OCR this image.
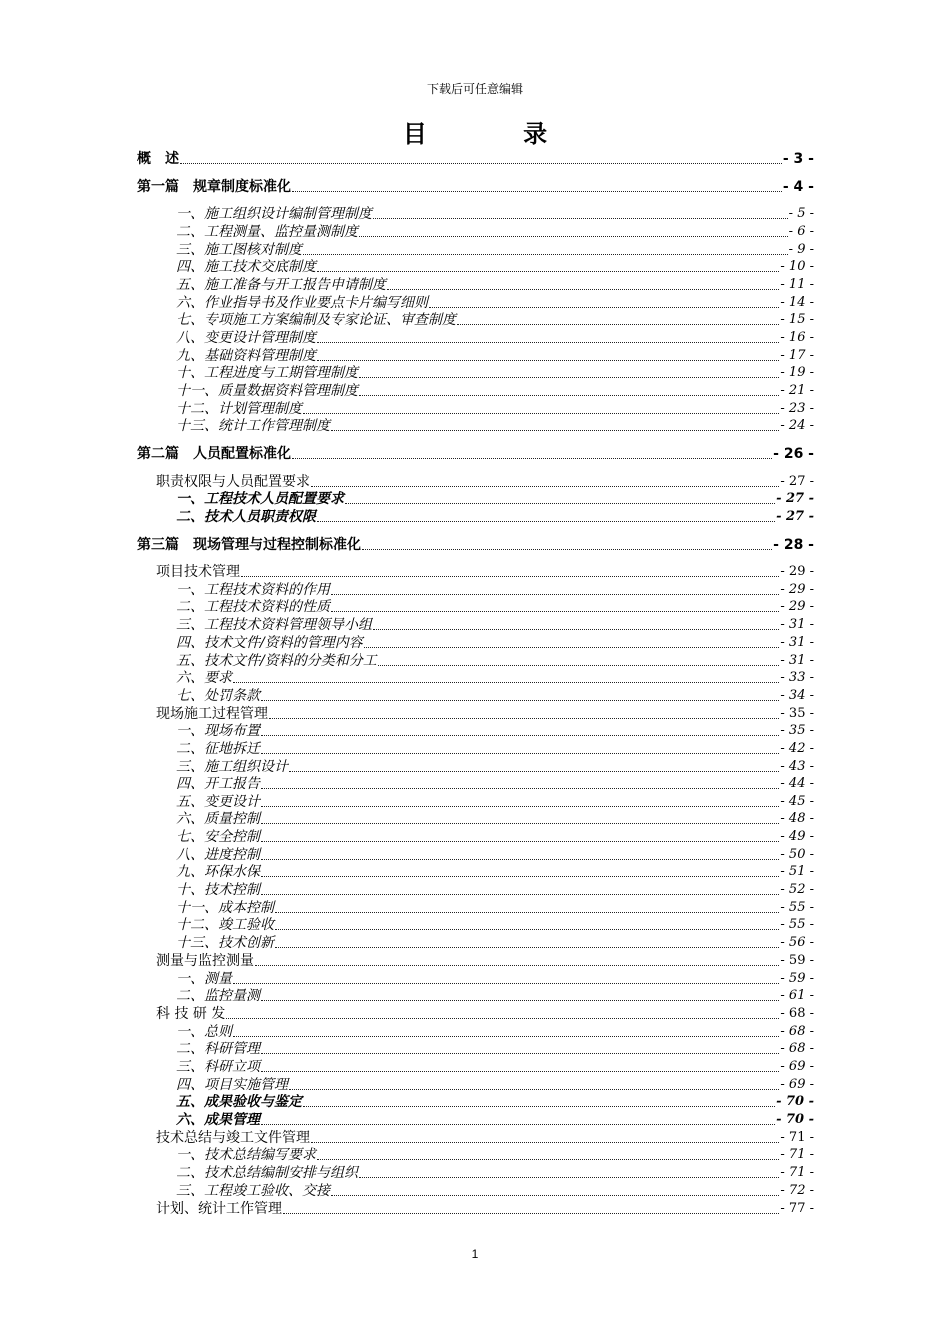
下载后可任意编辑
目 录
概　述	- 3 -
第一篇　规章制度标准化	- 4 -
一、施工组织设计编制管理制度	- 5 -
二、工程测量、监控量测制度	- 6 -
三、施工图核对制度	- 9 -
四、施工技术交底制度	- 10 -
五、施工准备与开工报告申请制度	- 11 -
六、作业指导书及作业要点卡片编写细则	- 14 -
七、专项施工方案编制及专家论证、审查制度	- 15 -
八、变更设计管理制度	- 16 -
九、基础资料管理制度	- 17 -
十、工程进度与工期管理制度	- 19 -
十一、质量数据资料管理制度	- 21 -
十二、计划管理制度	- 23 -
十三、统计工作管理制度	- 24 -
第二篇　人员配置标准化	- 26 -
职责权限与人员配置要求	- 27 -
一、工程技术人员配置要求	- 27 -
二、技术人员职责权限	- 27 -
第三篇　现场管理与过程控制标准化	- 28 -
项目技术管理	- 29 -
一、工程技术资料的作用	- 29 -
二、工程技术资料的性质	- 29 -
三、工程技术资料管理领导小组	- 31 -
四、技术文件/资料的管理内容	- 31 -
五、技术文件/资料的分类和分工	- 31 -
六、要求	- 33 -
七、处罚条款	- 34 -
现场施工过程管理	- 35 -
一、现场布置	- 35 -
二、征地拆迁	- 42 -
三、施工组织设计	- 43 -
四、开工报告	- 44 -
五、变更设计	- 45 -
六、质量控制	- 48 -
七、安全控制	- 49 -
八、进度控制	- 50 -
九、环保水保	- 51 -
十、技术控制	- 52 -
十一、成本控制	- 55 -
十二、竣工验收	- 55 -
十三、技术创新	- 56 -
测量与监控测量	- 59 -
一、测量	- 59 -
二、监控量测	- 61 -
科 技 研 发	- 68 -
一、总则	- 68 -
二、科研管理	- 68 -
三、科研立项	- 69 -
四、项目实施管理	- 69 -
五、成果验收与鉴定	- 70 -
六、成果管理	- 70 -
技术总结与竣工文件管理	- 71 -
一、技术总结编写要求	- 71 -
二、技术总结编制安排与组织	- 71 -
三、工程竣工验收、交接	- 72 -
计划、统计工作管理	- 77 -
1
